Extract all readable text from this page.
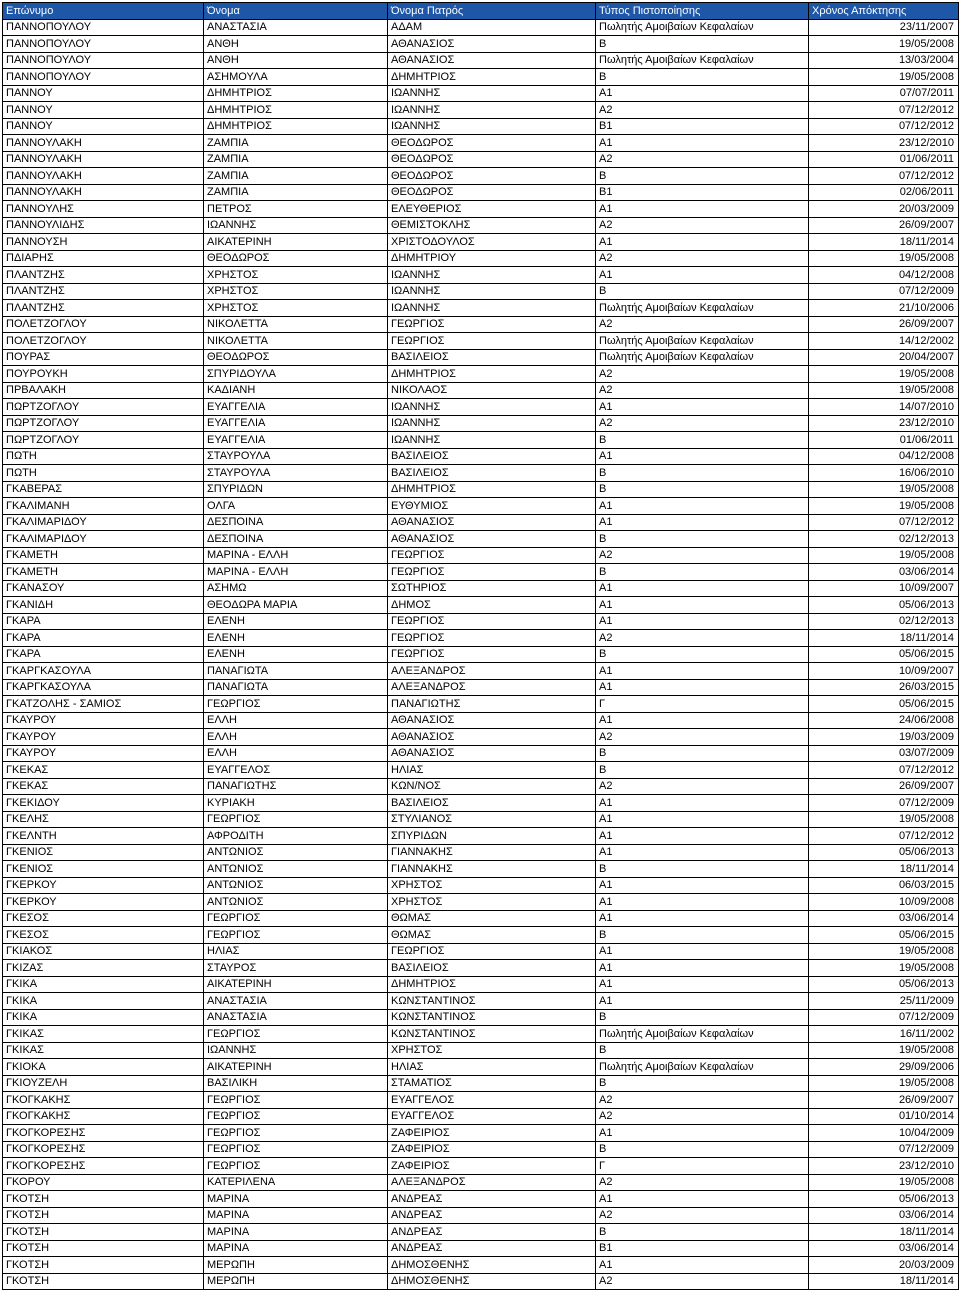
Επώνυμο	Όνομα	Όνομα Πατρός	Τύπος Πιστοποίησης	Χρόνος Απόκτησης
ΠΑΝΝΟΠΟΥΛΟΥ	ΑΝΑΣΤΑΣΙΑ	ΑΔΑΜ	Πωλητής Αμοιβαίων Κεφαλαίων	23/11/2007
ΠΑΝΝΟΠΟΥΛΟΥ	ΑΝΘΗ	ΑΘΑΝΑΣΙΟΣ	Β	19/05/2008
ΠΑΝΝΟΠΟΥΛΟΥ	ΑΝΘΗ	ΑΘΑΝΑΣΙΟΣ	Πωλητής Αμοιβαίων Κεφαλαίων	13/03/2004
ΠΑΝΝΟΠΟΥΛΟΥ	ΑΣΗΜΟΥΛΑ	ΔΗΜΗΤΡΙΟΣ	Β	19/05/2008
ΠΑΝΝΟΥ	ΔΗΜΗΤΡΙΟΣ	ΙΩΑΝΝΗΣ	Α1	07/07/2011
ΠΑΝΝΟΥ	ΔΗΜΗΤΡΙΟΣ	ΙΩΑΝΝΗΣ	Α2	07/12/2012
ΠΑΝΝΟΥ	ΔΗΜΗΤΡΙΟΣ	ΙΩΑΝΝΗΣ	Β1	07/12/2012
ΠΑΝΝΟΥΛΑΚΗ	ΖΑΜΠΙΑ	ΘΕΟΔΩΡΟΣ	Α1	23/12/2010
ΠΑΝΝΟΥΛΑΚΗ	ΖΑΜΠΙΑ	ΘΕΟΔΩΡΟΣ	Α2	01/06/2011
ΠΑΝΝΟΥΛΑΚΗ	ΖΑΜΠΙΑ	ΘΕΟΔΩΡΟΣ	Β	07/12/2012
ΠΑΝΝΟΥΛΑΚΗ	ΖΑΜΠΙΑ	ΘΕΟΔΩΡΟΣ	Β1	02/06/2011
ΠΑΝΝΟΥΛΗΣ	ΠΕΤΡΟΣ	ΕΛΕΥΘΕΡΙΟΣ	Α1	20/03/2009
ΠΑΝΝΟΥΛΙΔΗΣ	ΙΩΑΝΝΗΣ	ΘΕΜΙΣΤΟΚΛΗΣ	Α2	26/09/2007
ΠΑΝΝΟΥΣΗ	ΑΙΚΑΤΕΡΙΝΗ	ΧΡΙΣΤΟΔΟΥΛΟΣ	Α1	18/11/2014
ΠΔΙΑΡΗΣ	ΘΕΟΔΩΡΟΣ	ΔΗΜΗΤΡΙΟΥ	Α2	19/05/2008
ΠΛΑΝΤΖΗΣ	ΧΡΗΣΤΟΣ	ΙΩΑΝΝΗΣ	Α1	04/12/2008
ΠΛΑΝΤΖΗΣ	ΧΡΗΣΤΟΣ	ΙΩΑΝΝΗΣ	Β	07/12/2009
ΠΛΑΝΤΖΗΣ	ΧΡΗΣΤΟΣ	ΙΩΑΝΝΗΣ	Πωλητής Αμοιβαίων Κεφαλαίων	21/10/2006
ΠΟΛΕΤΖΟΓΛΟΥ	ΝΙΚΟΛΕΤΤΑ	ΓΕΩΡΓΙΟΣ	Α2	26/09/2007
ΠΟΛΕΤΖΟΓΛΟΥ	ΝΙΚΟΛΕΤΤΑ	ΓΕΩΡΓΙΟΣ	Πωλητής Αμοιβαίων Κεφαλαίων	14/12/2002
ΠΟΥΡΑΣ	ΘΕΟΔΩΡΟΣ	ΒΑΣΙΛΕΙΟΣ	Πωλητής Αμοιβαίων Κεφαλαίων	20/04/2007
ΠΟΥΡΟΥΚΗ	ΣΠΥΡΙΔΟΥΛΑ	ΔΗΜΗΤΡΙΟΣ	Α2	19/05/2008
ΠΡΒΑΛΑΚΗ	ΚΑΔΙΑΝΗ	ΝΙΚΟΛΑΟΣ	Α2	19/05/2008
ΠΩΡΤΖΟΓΛΟΥ	ΕΥΑΓΓΕΛΙΑ	ΙΩΑΝΝΗΣ	Α1	14/07/2010
ΠΩΡΤΖΟΓΛΟΥ	ΕΥΑΓΓΕΛΙΑ	ΙΩΑΝΝΗΣ	Α2	23/12/2010
ΠΩΡΤΖΟΓΛΟΥ	ΕΥΑΓΓΕΛΙΑ	ΙΩΑΝΝΗΣ	Β	01/06/2011
ΠΩΤΗ	ΣΤΑΥΡΟΥΛΑ	ΒΑΣΙΛΕΙΟΣ	Α1	04/12/2008
ΠΩΤΗ	ΣΤΑΥΡΟΥΛΑ	ΒΑΣΙΛΕΙΟΣ	Β	16/06/2010
ΓΚΑΒΕΡΑΣ	ΣΠΥΡΙΔΩΝ	ΔΗΜΗΤΡΙΟΣ	Β	19/05/2008
ΓΚΑΛΙΜΑΝΗ	ΟΛΓΑ	ΕΥΘΥΜΙΟΣ	Α1	19/05/2008
ΓΚΑΛΙΜΑΡΙΔΟΥ	ΔΕΣΠΟΙΝΑ	ΑΘΑΝΑΣΙΟΣ	Α1	07/12/2012
ΓΚΑΛΙΜΑΡΙΔΟΥ	ΔΕΣΠΟΙΝΑ	ΑΘΑΝΑΣΙΟΣ	Β	02/12/2013
ΓΚΑΜΕΤΗ	ΜΑΡΙΝΑ - ΕΛΛΗ	ΓΕΩΡΓΙΟΣ	Α2	19/05/2008
ΓΚΑΜΕΤΗ	ΜΑΡΙΝΑ - ΕΛΛΗ	ΓΕΩΡΓΙΟΣ	Β	03/06/2014
ΓΚΑΝΑΣΟΥ	ΑΣΗΜΩ	ΣΩΤΗΡΙΟΣ	Α1	10/09/2007
ΓΚΑΝΙΔΗ	ΘΕΟΔΩΡΑ ΜΑΡΙΑ	ΔΗΜΟΣ	Α1	05/06/2013
ΓΚΑΡΑ	ΕΛΕΝΗ	ΓΕΩΡΓΙΟΣ	Α1	02/12/2013
ΓΚΑΡΑ	ΕΛΕΝΗ	ΓΕΩΡΓΙΟΣ	Α2	18/11/2014
ΓΚΑΡΑ	ΕΛΕΝΗ	ΓΕΩΡΓΙΟΣ	Β	05/06/2015
ΓΚΑΡΓΚΑΣΟΥΛΑ	ΠΑΝΑΓΙΩΤΑ	ΑΛΕΞΑΝΔΡΟΣ	Α1	10/09/2007
ΓΚΑΡΓΚΑΣΟΥΛΑ	ΠΑΝΑΓΙΩΤΑ	ΑΛΕΞΑΝΔΡΟΣ	Α1	26/03/2015
ΓΚΑΤΖΟΛΗΣ - ΣΑΜΙΟΣ	ΓΕΩΡΓΙΟΣ	ΠΑΝΑΓΙΩΤΗΣ	Γ	05/06/2015
ΓΚΑΥΡΟΥ	ΕΛΛΗ	ΑΘΑΝΑΣΙΟΣ	Α1	24/06/2008
ΓΚΑΥΡΟΥ	ΕΛΛΗ	ΑΘΑΝΑΣΙΟΣ	Α2	19/03/2009
ΓΚΑΥΡΟΥ	ΕΛΛΗ	ΑΘΑΝΑΣΙΟΣ	Β	03/07/2009
ΓΚΕΚΑΣ	ΕΥΑΓΓΕΛΟΣ	ΗΛΙΑΣ	Β	07/12/2012
ΓΚΕΚΑΣ	ΠΑΝΑΓΙΩΤΗΣ	ΚΩΝ/ΝΟΣ	Α2	26/09/2007
ΓΚΕΚΙΔΟΥ	ΚΥΡΙΑΚΗ	ΒΑΣΙΛΕΙΟΣ	Α1	07/12/2009
ΓΚΕΛΗΣ	ΓΕΩΡΓΙΟΣ	ΣΤΥΛΙΑΝΟΣ	Α1	19/05/2008
ΓΚΕΛΝΤΗ	ΑΦΡΟΔΙΤΗ	ΣΠΥΡΙΔΩΝ	Α1	07/12/2012
ΓΚΕΝΙΟΣ	ΑΝΤΩΝΙΟΣ	ΓΙΑΝΝΑΚΗΣ	Α1	05/06/2013
ΓΚΕΝΙΟΣ	ΑΝΤΩΝΙΟΣ	ΓΙΑΝΝΑΚΗΣ	Β	18/11/2014
ΓΚΕΡΚΟΥ	ΑΝΤΩΝΙΟΣ	ΧΡΗΣΤΟΣ	Α1	06/03/2015
ΓΚΕΡΚΟΥ	ΑΝΤΩΝΙΟΣ	ΧΡΗΣΤΟΣ	Α1	10/09/2008
ΓΚΕΣΟΣ	ΓΕΩΡΓΙΟΣ	ΘΩΜΑΣ	Α1	03/06/2014
ΓΚΕΣΟΣ	ΓΕΩΡΓΙΟΣ	ΘΩΜΑΣ	Β	05/06/2015
ΓΚΙΑΚΟΣ	ΗΛΙΑΣ	ΓΕΩΡΓΙΟΣ	Α1	19/05/2008
ΓΚΙΖΑΣ	ΣΤΑΥΡΟΣ	ΒΑΣΙΛΕΙΟΣ	Α1	19/05/2008
ΓΚΙΚΑ	ΑΙΚΑΤΕΡΙΝΗ	ΔΗΜΗΤΡΙΟΣ	Α1	05/06/2013
ΓΚΙΚΑ	ΑΝΑΣΤΑΣΙΑ	ΚΩΝΣΤΑΝΤΙΝΟΣ	Α1	25/11/2009
ΓΚΙΚΑ	ΑΝΑΣΤΑΣΙΑ	ΚΩΝΣΤΑΝΤΙΝΟΣ	Β	07/12/2009
ΓΚΙΚΑΣ	ΓΕΩΡΓΙΟΣ	ΚΩΝΣΤΑΝΤΙΝΟΣ	Πωλητής Αμοιβαίων Κεφαλαίων	16/11/2002
ΓΚΙΚΑΣ	ΙΩΑΝΝΗΣ	ΧΡΗΣΤΟΣ	Β	19/05/2008
ΓΚΙΟΚΑ	ΑΙΚΑΤΕΡΙΝΗ	ΗΛΙΑΣ	Πωλητής Αμοιβαίων Κεφαλαίων	29/09/2006
ΓΚΙΟΥΖΕΛΗ	ΒΑΣΙΛΙΚΗ	ΣΤΑΜΑΤΙΟΣ	Β	19/05/2008
ΓΚΟΓΚΑΚΗΣ	ΓΕΩΡΓΙΟΣ	ΕΥΑΓΓΕΛΟΣ	Α2	26/09/2007
ΓΚΟΓΚΑΚΗΣ	ΓΕΩΡΓΙΟΣ	ΕΥΑΓΓΕΛΟΣ	Α2	01/10/2014
ΓΚΟΓΚΟΡΕΣΗΣ	ΓΕΩΡΓΙΟΣ	ΖΑΦΕΙΡΙΟΣ	Α1	10/04/2009
ΓΚΟΓΚΟΡΕΣΗΣ	ΓΕΩΡΓΙΟΣ	ΖΑΦΕΙΡΙΟΣ	Β	07/12/2009
ΓΚΟΓΚΟΡΕΣΗΣ	ΓΕΩΡΓΙΟΣ	ΖΑΦΕΙΡΙΟΣ	Γ	23/12/2010
ΓΚΟΡΟΥ	ΚΑΤΕΡΙΛΕΝΑ	ΑΛΕΞΑΝΔΡΟΣ	Α2	19/05/2008
ΓΚΟΤΣΗ	ΜΑΡΙΝΑ	ΑΝΔΡΕΑΣ	Α1	05/06/2013
ΓΚΟΤΣΗ	ΜΑΡΙΝΑ	ΑΝΔΡΕΑΣ	Α2	03/06/2014
ΓΚΟΤΣΗ	ΜΑΡΙΝΑ	ΑΝΔΡΕΑΣ	Β	18/11/2014
ΓΚΟΤΣΗ	ΜΑΡΙΝΑ	ΑΝΔΡΕΑΣ	Β1	03/06/2014
ΓΚΟΤΣΗ	ΜΕΡΩΠΗ	ΔΗΜΟΣΘΕΝΗΣ	Α1	20/03/2009
ΓΚΟΤΣΗ	ΜΕΡΩΠΗ	ΔΗΜΟΣΘΕΝΗΣ	Α2	18/11/2014
